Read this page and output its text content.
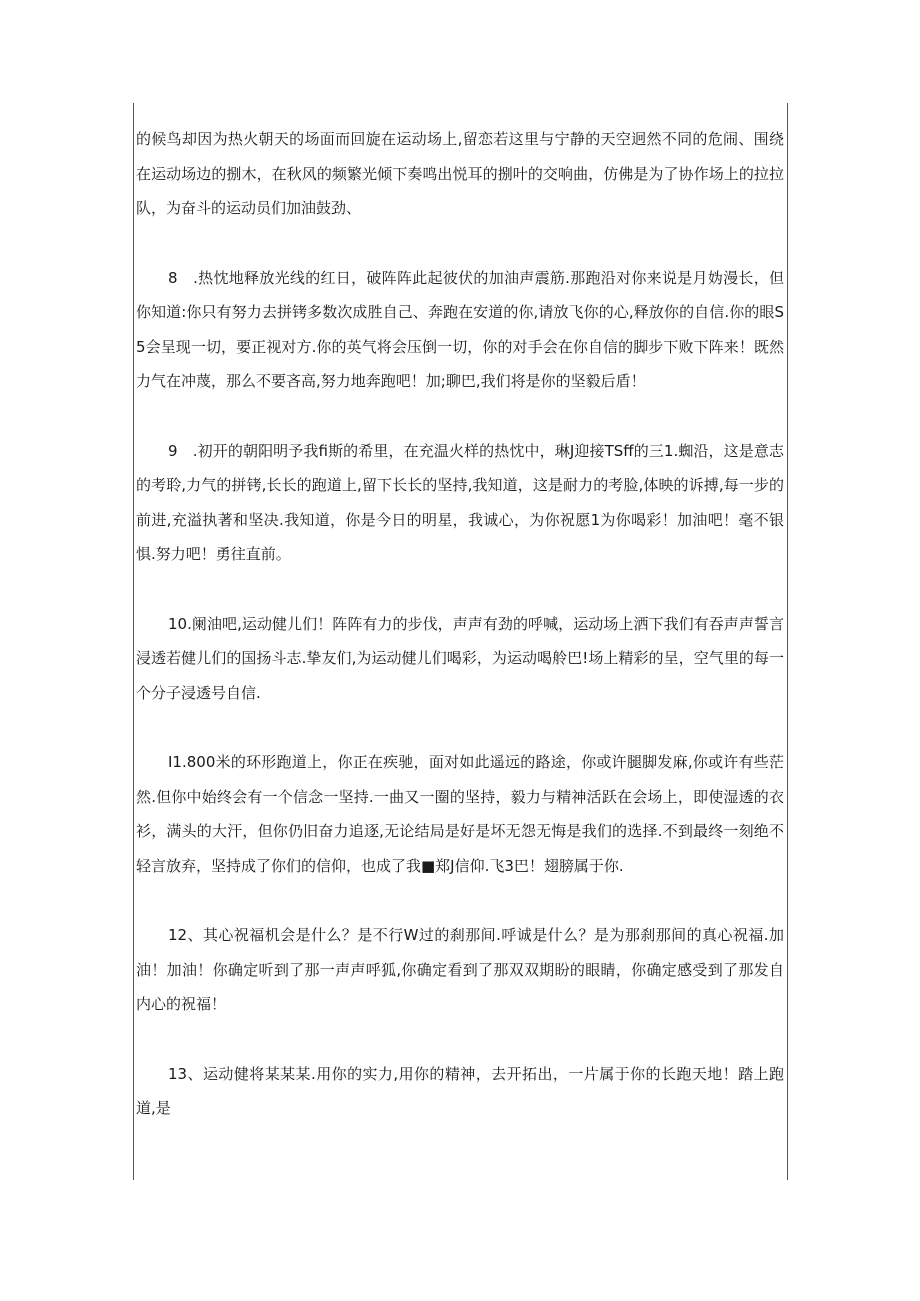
的候鸟却因为热火朝天的场面而回旋在运动场上,留恋若这里与宁静的天空迥然不同的危闹、围绕在运动场边的捌木，在秋风的频繁光倾下奏鸣出悦耳的捌叶的交响曲，仿佛是为了协作场上的拉拉队，为奋斗的运动员们加油鼓劲、

8　.热忱地释放光线的红日，破阵阵此起彼伏的加油声震筋.那跑沿对你来说是月妫漫长，但你知道:你只有努力去拼铐多数次成胜自己、奔跑在安道的你,请放飞你的心,释放你的自信.你的眼S5会呈现一切，要正视对方.你的英气将会压倒一切，你的对手会在你自信的脚步下败下阵来！既然力气在冲蔑，那么不要吝高,努力地奔跑吧！加;聊巴,我们将是你的坚毅后盾！

9　.初开的朝阳明予我fi斯的希里，在充温火样的热忱中，琳J迎接TSff的三1.蜘沿，这是意志的考聆,力气的拼铐,长长的跑道上,留下长长的坚持,我知道，这是耐力的考脸,体映的诉搏,每一步的前进,充溢执著和坚决.我知道，你是今日的明星，我诚心，为你祝愿1为你喝彩！加油吧！毫不银惧.努力吧！勇往直前。

10.阑油吧,运动健儿们！阵阵有力的步伐，声声有劲的呼喊，运动场上洒下我们有吞声声誓言浸透若健儿们的国扬斗志.挚友们,为运动健儿们喝彩，为运动喝舲巴!场上精彩的呈，空气里的每一个分子浸透号自信.

I1.800米的环形跑道上，你正在疾驰，面对如此遥远的路途，你或许腿脚发麻,你或许有些茫然.但你中始终会有一个信念一坚持.一曲又一圈的坚持，毅力与精神活跃在会场上，即使湿透的衣衫，满头的大汗，但你仍旧奋力追逐,无论结局是好是坏无怨无悔是我们的选择.不到最终一刻绝不轻言放弃，坚持成了你们的信仰，也成了我■郑J信仰.飞3巴！翅膀属于你.

12、其心祝福机会是什么？是不行W过的刹那间.呼诚是什么？是为那刹那间的真心祝福.加油！加油！你确定听到了那一声声呼狐,你确定看到了那双双期盼的眼睛，你确定感受到了那发自内心的祝福！

13、运动健将某某某.用你的实力,用你的精神，去开拓出，一片属于你的长跑天地！踏上跑道,是
